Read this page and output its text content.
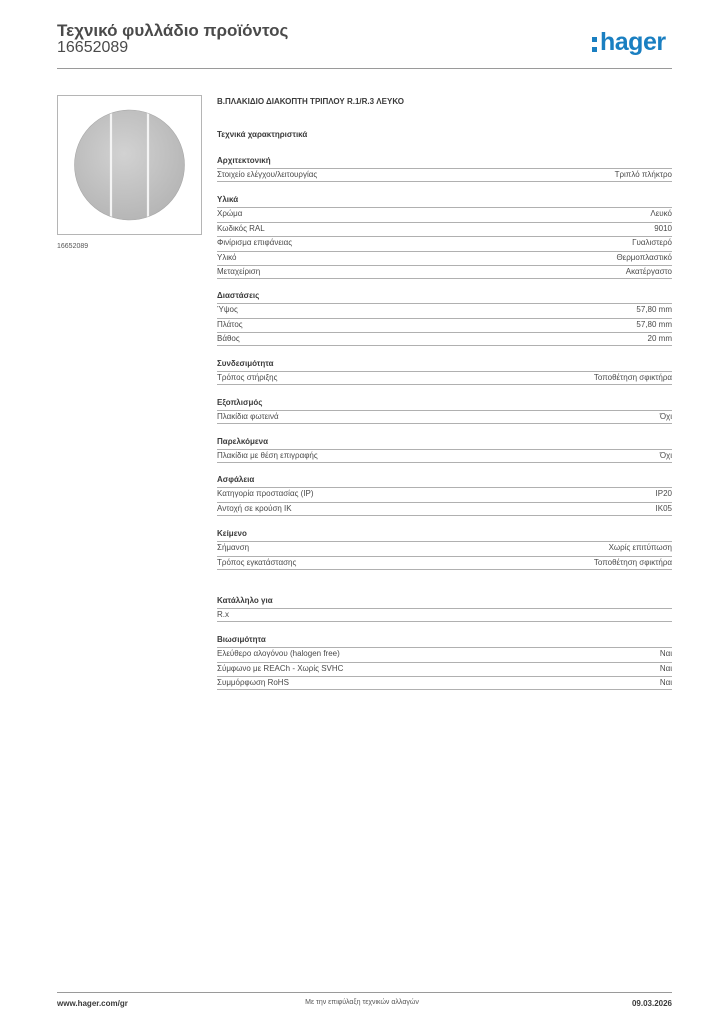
Τεχνικό φυλλάδιο προϊόντος
16652089	hager
16652089
Β.ΠΛΑΚΙΔΙΟ ΔΙΑΚΟΠΤΗ ΤΡΙΠΛΟΥ R.1/R.3 ΛΕΥΚΟ
Τεχνικά χαρακτηριστικά
Αρχιτεκτονική
Στοιχείο ελέγχου/λειτουργίας	Τριπλό πλήκτρο
Υλικά
Χρώμα	Λευκό
Κωδικός RAL	9010
Φινίρισμα επιφάνειας	Γυαλιστερό
Υλικό	Θερμοπλαστικό
Μεταχείριση	Ακατέργαστο
Διαστάσεις
Ύψος	57,80 mm
Πλάτος	57,80 mm
Βάθος	20 mm
Συνδεσιμότητα
Τρόπος στήριξης	Τοποθέτηση σφικτήρα
Εξοπλισμός
Πλακίδια φωτεινά	Όχι
Παρελκόμενα
Πλακίδια με θέση επιγραφής	Όχι
Ασφάλεια
Κατηγορία προστασίας (IP)	IP20
Αντοχή σε κρούση IK	IK05
Κείμενο
Σήμανση	Χωρίς επιτύπωση
Τρόπος εγκατάστασης	Τοποθέτηση σφικτήρα
Κατάλληλο για
R.x
Βιωσιμότητα
Ελεύθερο αλογόνου (halogen free)	Ναι
Σύμφωνο με REACh - Χωρίς SVHC	Ναι
Συμμόρφωση RoHS	Ναι
www.hager.com/gr	Με την επιφύλαξη τεχνικών αλλαγών	09.03.2026
